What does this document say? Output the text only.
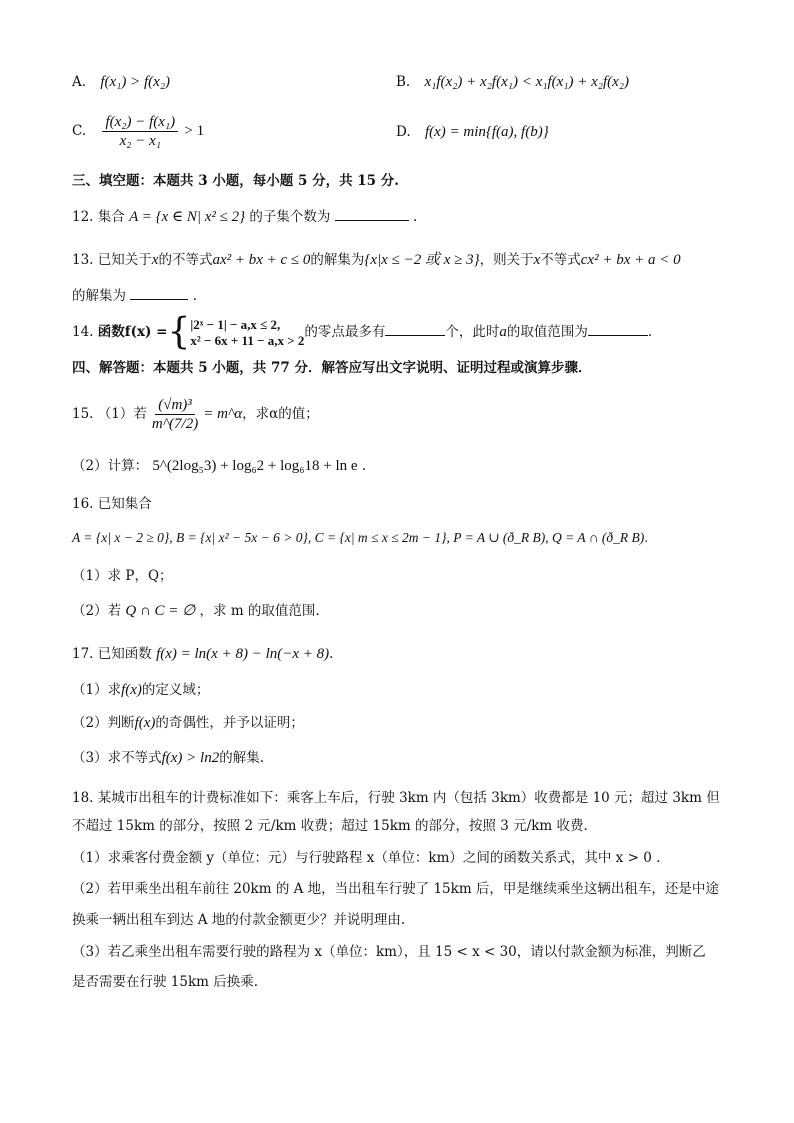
A. f(x₁) > f(x₂)	B. x₁f(x₂) + x₂f(x₁) < x₁f(x₁) + x₂f(x₂)
C. $\frac{\text{f(x₂) − f(x₁)}}{\text{x₂ − x₁}} > 1$	D. f(x) = min{f(a), f(b)}
三、填空题：本题共 3 小题，每小题 5 分，共 15 分.
12. 集合 A = {x ∈ N| x² ≤ 2} 的子集个数为	.
13. 已知关于x的不等式ax² + bx + c ≤ 0的解集为{x|x ≤ −2 或 x ≥ 3}，则关于x不等式cx² + bx + a < 0
的解集为	.
14. 函数f(x) ={ |2ˣ − 1| − a,x ≤ 2,
x² − 6x + 11 − a,x > 2 的零点最多有	个，此时a的取值范围为	.
四、解答题：本题共 5 小题，共 77 分．解答应写出文字说明、证明过程或演算步骤．
15. （1）若 $\frac{\text{(√m)³}}{m\^{}(7/2)}$ = m^α，求α的值；
（2）计算： 5^(2log₅3) + log₆2 + log₆18 + ln e .
16. 已知集合
A = {x| x − 2 ≥ 0}, B = {x| x² − 5x − 6 > 0}, C = {x| m ≤ x ≤ 2m − 1}, P = A ∪ (ð_R B), Q = A ∩ (ð_R B).
（1）求 P，Q；
（2）若 Q ∩ C = ∅ ，求 m 的取值范围.
17. 已知函数 f(x) = ln(x + 8) − ln(−x + 8).
（1）求f(x)的定义域；
（2）判断f(x)的奇偶性，并予以证明；
（3）求不等式f(x) > ln2的解集.
18. 某城市出租车的计费标准如下：乘客上车后，行驶 3km 内（包括 3km）收费都是 10 元；超过 3km 但
不超过 15km 的部分，按照 2 元/km 收费；超过 15km 的部分，按照 3 元/km 收费.
（1）求乘客付费金额 y（单位：元）与行驶路程 x（单位：km）之间的函数关系式，其中 x > 0 .
（2）若甲乘坐出租车前往 20km 的 A 地，当出租车行驶了 15km 后，甲是继续乘坐这辆出租车，还是中途
换乘一辆出租车到达 A 地的付款金额更少？并说明理由.
（3）若乙乘坐出租车需要行驶的路程为 x（单位：km），且 15 < x < 30，请以付款金额为标准，判断乙
是否需要在行驶 15km 后换乘.
